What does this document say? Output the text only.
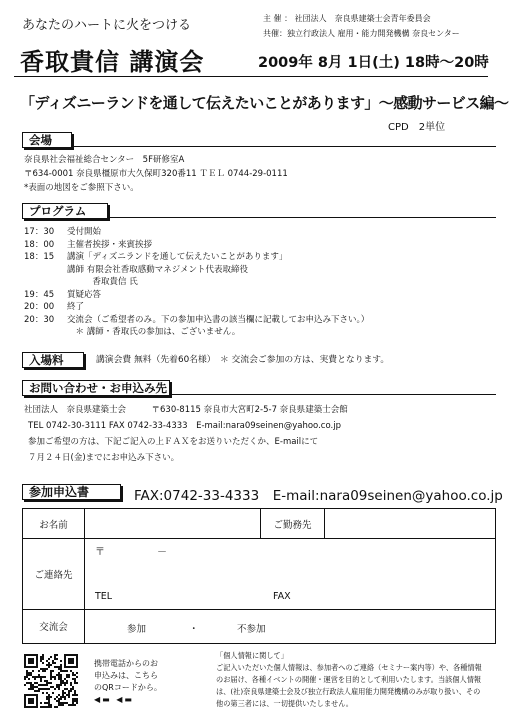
あなたのハートに火をつける	主 催 ： 社団法人　奈良県建築士会青年委員会
共催：独立行政法人 雇用・能力開発機構 奈良センター
香取貴信 講演会	2009年 8月 1日(土) 18時～20時
「ディズニーランドを通して伝えたいことがあります」～感動サービス編～
CPD　2単位
会場
奈良県社会福祉総合センター　5F研修室A
〒634-0001 奈良県橿原市大久保町320番11 ＴＥＬ 0744-29-0111
*表面の地図をご参照下さい。
プログラム
17：30 受付開始
18：00 主催者挨拶・来賓挨拶
18：15 講演「ディズニランドを通して伝えたいことがあります」
講師 有限会社香取感動マネジメント代表取締役
　　　香取貴信 氏
19：45 質疑応答
20：00 終了
20：30 交流会（ご希望者のみ。下の参加申込書の該当欄に記載してお申込み下さい。）
　＊ 講師・香取氏の参加は、ございません。
入場料	講演会費 無料（先着60名様）　＊ 交流会ご参加の方は、実費となります。
お問い合わせ・お申込み先
社団法人　奈良県建築士会　　　〒630-8115 奈良市大宮町2-5-7 奈良県建築士会館
TEL 0742-30-3111 FAX 0742-33-4333　E-mail:nara09seinen@yahoo.co.jp
参加ご希望の方は、下記ご記入の上ＦＡＸをお送りいただくか、E-mailにて
７月２４日(金)までにお申込み下さい。
参加申込書	FAX:0742-33-4333　E-mail:nara09seinen@yahoo.co.jp
お名前		ご勤務先	
ご連絡先	〒 －
TEL FAX		

交流会	参加 ・ 不参加		
携帯電話からのお
申込みは、こちら
のQRコードから。
◀▬ ◀▬
「個人情報に関して」
ご記入いただいた個人情報は、参加者へのご連絡（セミナー案内等）や、各種情報
のお届け、各種イベントの開催・運営を目的として利用いたします。当該個人情報
は、(社)奈良県建築士会及び独立行政法人雇用能力開発機構のみが取り扱い、その
他の第三者には、一切提供いたしません。
